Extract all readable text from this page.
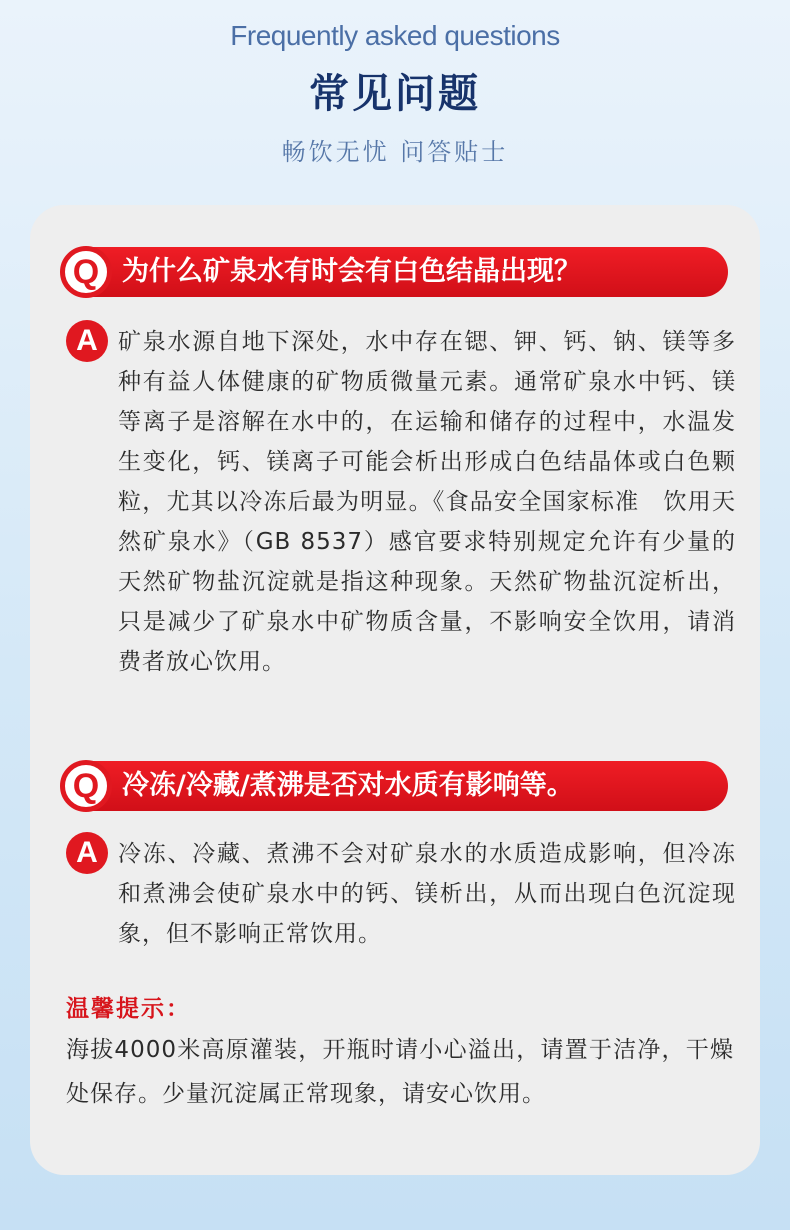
Frequently asked questions
常见问题
畅饮无忧 问答贴士
Q 为什么矿泉水有时会有白色结晶出现？
A 矿泉水源自地下深处，水中存在锶、钾、钙、钠、镁等多种有益人体健康的矿物质微量元素。通常矿泉水中钙、镁等离子是溶解在水中的，在运输和储存的过程中，水温发生变化，钙、镁离子可能会析出形成白色结晶体或白色颗粒，尤其以冷冻后最为明显。《食品安全国家标准　饮用天然矿泉水》（GB 8537）感官要求特别规定允许有少量的天然矿物盐沉淀就是指这种现象。天然矿物盐沉淀析出，只是减少了矿泉水中矿物质含量，不影响安全饮用，请消费者放心饮用。
Q 冷冻/冷藏/煮沸是否对水质有影响等。
A 冷冻、冷藏、煮沸不会对矿泉水的水质造成影响，但冷冻和煮沸会使矿泉水中的钙、镁析出，从而出现白色沉淀现象，但不影响正常饮用。
温馨提示：
海拔4000米高原灌装，开瓶时请小心溢出，请置于洁净，干燥处保存。少量沉淀属正常现象，请安心饮用。
